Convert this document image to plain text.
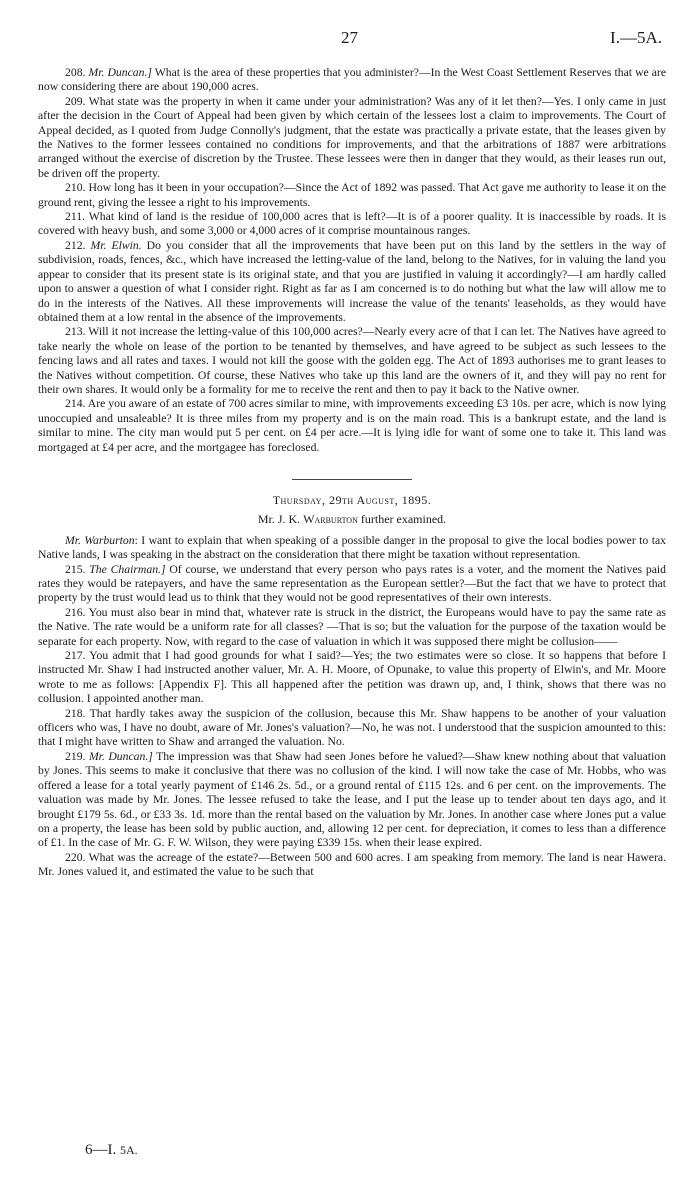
27	I.—5A.

208. Mr. Duncan.] What is the area of these properties that you administer?—In the West Coast Settlement Reserves that we are now considering there are about 190,000 acres.

209. What state was the property in when it came under your administration? Was any of it let then?—Yes. I only came in just after the decision in the Court of Appeal had been given by which certain of the lessees lost a claim to improvements. The Court of Appeal decided, as I quoted from Judge Connolly's judgment, that the estate was practically a private estate, that the leases given by the Natives to the former lessees contained no conditions for improvements, and that the arbitrations of 1887 were arbitrations arranged without the exercise of discretion by the Trustee. These lessees were then in danger that they would, as their leases run out, be driven off the property.

210. How long has it been in your occupation?—Since the Act of 1892 was passed. That Act gave me authority to lease it on the ground rent, giving the lessee a right to his improvements.

211. What kind of land is the residue of 100,000 acres that is left?—It is of a poorer quality. It is inaccessible by roads. It is covered with heavy bush, and some 3,000 or 4,000 acres of it comprise mountainous ranges.

212. Mr. Elwin. Do you consider that all the improvements that have been put on this land by the settlers in the way of subdivision, roads, fences, &c., which have increased the letting-value of the land, belong to the Natives, for in valuing the land you appear to consider that its present state is its original state, and that you are justified in valuing it accordingly?—I am hardly called upon to answer a question of what I consider right. Right as far as I am concerned is to do nothing but what the law will allow me to do in the interests of the Natives. All these improvements will increase the value of the tenants' leaseholds, as they would have obtained them at a low rental in the absence of the improvements.

213. Will it not increase the letting-value of this 100,000 acres?—Nearly every acre of that I can let. The Natives have agreed to take nearly the whole on lease of the portion to be tenanted by themselves, and have agreed to be subject as such lessees to the fencing laws and all rates and taxes. I would not kill the goose with the golden egg. The Act of 1893 authorises me to grant leases to the Natives without competition. Of course, these Natives who take up this land are the owners of it, and they will pay no rent for their own shares. It would only be a formality for me to receive the rent and then to pay it back to the Native owner.

214. Are you aware of an estate of 700 acres similar to mine, with improvements exceeding £3 10s. per acre, which is now lying unoccupied and unsaleable? It is three miles from my property and is on the main road. This is a bankrupt estate, and the land is similar to mine. The city man would put 5 per cent. on £4 per acre.—It is lying idle for want of some one to take it. This land was mortgaged at £4 per acre, and the mortgagee has foreclosed.

Thursday, 29th August, 1895.
Mr. J. K. Warburton further examined.

Mr. Warburton: I want to explain that when speaking of a possible danger in the proposal to give the local bodies power to tax Native lands, I was speaking in the abstract on the consideration that there might be taxation without representation.

215. The Chairman.] Of course, we understand that every person who pays rates is a voter, and the moment the Natives paid rates they would be ratepayers, and have the same representation as the European settler?—But the fact that we have to protect that property by the trust would lead us to think that they would not be good representatives of their own interests.

216. You must also bear in mind that, whatever rate is struck in the district, the Europeans would have to pay the same rate as the Native. The rate would be a uniform rate for all classes? —That is so; but the valuation for the purpose of the taxation would be separate for each property. Now, with regard to the case of valuation in which it was supposed there might be collusion——

217. You admit that I had good grounds for what I said?—Yes; the two estimates were so close. It so happens that before I instructed Mr. Shaw I had instructed another valuer, Mr. A. H. Moore, of Opunake, to value this property of Elwin's, and Mr. Moore wrote to me as follows: [Appendix F]. This all happened after the petition was drawn up, and, I think, shows that there was no collusion. I appointed another man.

218. That hardly takes away the suspicion of the collusion, because this Mr. Shaw happens to be another of your valuation officers who was, I have no doubt, aware of Mr. Jones's valuation?—No, he was not. I understood that the suspicion amounted to this: that I might have written to Shaw and arranged the valuation. No.

219. Mr. Duncan.] The impression was that Shaw had seen Jones before he valued?—Shaw knew nothing about that valuation by Jones. This seems to make it conclusive that there was no collusion of the kind. I will now take the case of Mr. Hobbs, who was offered a lease for a total yearly payment of £146 2s. 5d., or a ground rental of £115 12s. and 6 per cent. on the improvements. The valuation was made by Mr. Jones. The lessee refused to take the lease, and I put the lease up to tender about ten days ago, and it brought £179 5s. 6d., or £33 3s. 1d. more than the rental based on the valuation by Mr. Jones. In another case where Jones put a value on a property, the lease has been sold by public auction, and, allowing 12 per cent. for depreciation, it comes to less than a difference of £1. In the case of Mr. G. F. W. Wilson, they were paying £339 15s. when their lease expired.

220. What was the acreage of the estate?—Between 500 and 600 acres. I am speaking from memory. The land is near Hawera. Mr. Jones valued it, and estimated the value to be such that

6—I. 5A.
